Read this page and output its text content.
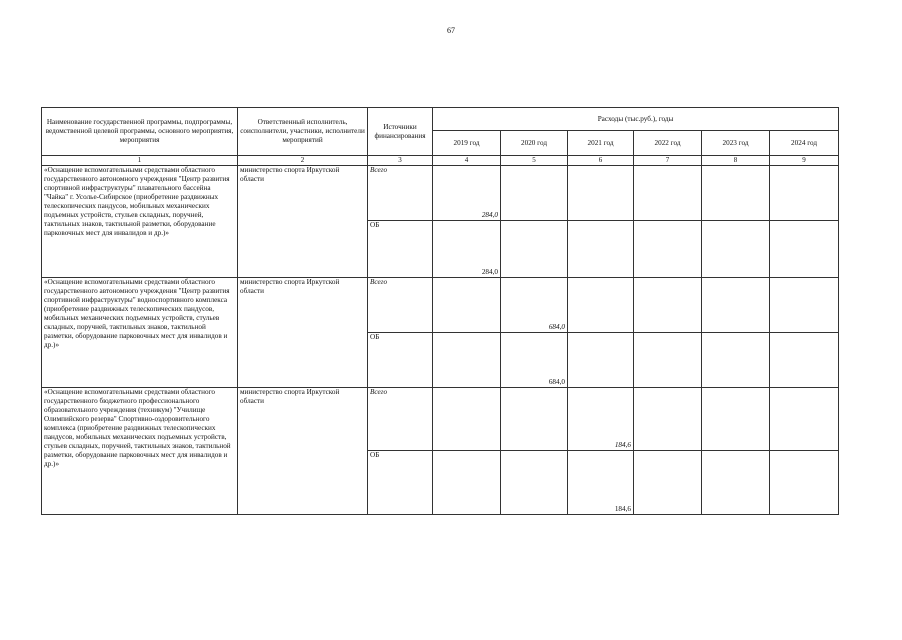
67
Наименование государственной программы, подпрограммы, ведомственной целевой программы, основного мероприятия, мероприятия	Ответственный исполнитель, соисполнители, участники, исполнители мероприятий	Источники финансирования	Расходы (тыс.руб.), годы					
			2019 год	2020 год	2021 год	2022 год	2023 год	2024 год
1	2	3	4	5	6	7	8	9
«Оснащение вспомогательными средствами областного государственного автономного учреждения "Центр развития спортивной инфраструктуры" плавательного бассейна "Чайка" г. Усолье-Сибирское (приобретение раздвижных телескопических пандусов, мобильных механических подъемных устройств, стульев складных, поручней, тактильных знаков, тактильной разметки, оборудование парковочных мест для инвалидов и др.)»	министерство спорта Иркутской области	Всего	284,0					
		ОБ	284,0					
«Оснащение вспомогательными средствами областного государственного автономного учреждения "Центр развития спортивной инфраструктуры" водноспортивного комплекса (приобретение раздвижных телескопических пандусов, мобильных механических подъемных устройств, стульев складных, поручней, тактильных знаков, тактильной разметки, оборудование парковочных мест для инвалидов и др.)»	министерство спорта Иркутской области	Всего		684,0				
		ОБ		684,0				
«Оснащение вспомогательными средствами областного государственного бюджетного профессионального образовательного учреждения (техникум) "Училище Олимпийского резерва" Спортивно-оздоровительного комплекса (приобретение раздвижных телескопических пандусов, мобильных механических подъемных устройств, стульев складных, поручней, тактильных знаков, тактильной разметки, оборудование парковочных мест для инвалидов и др.)»	министерство спорта Иркутской области	Всего			184,6			
		ОБ			184,6			
